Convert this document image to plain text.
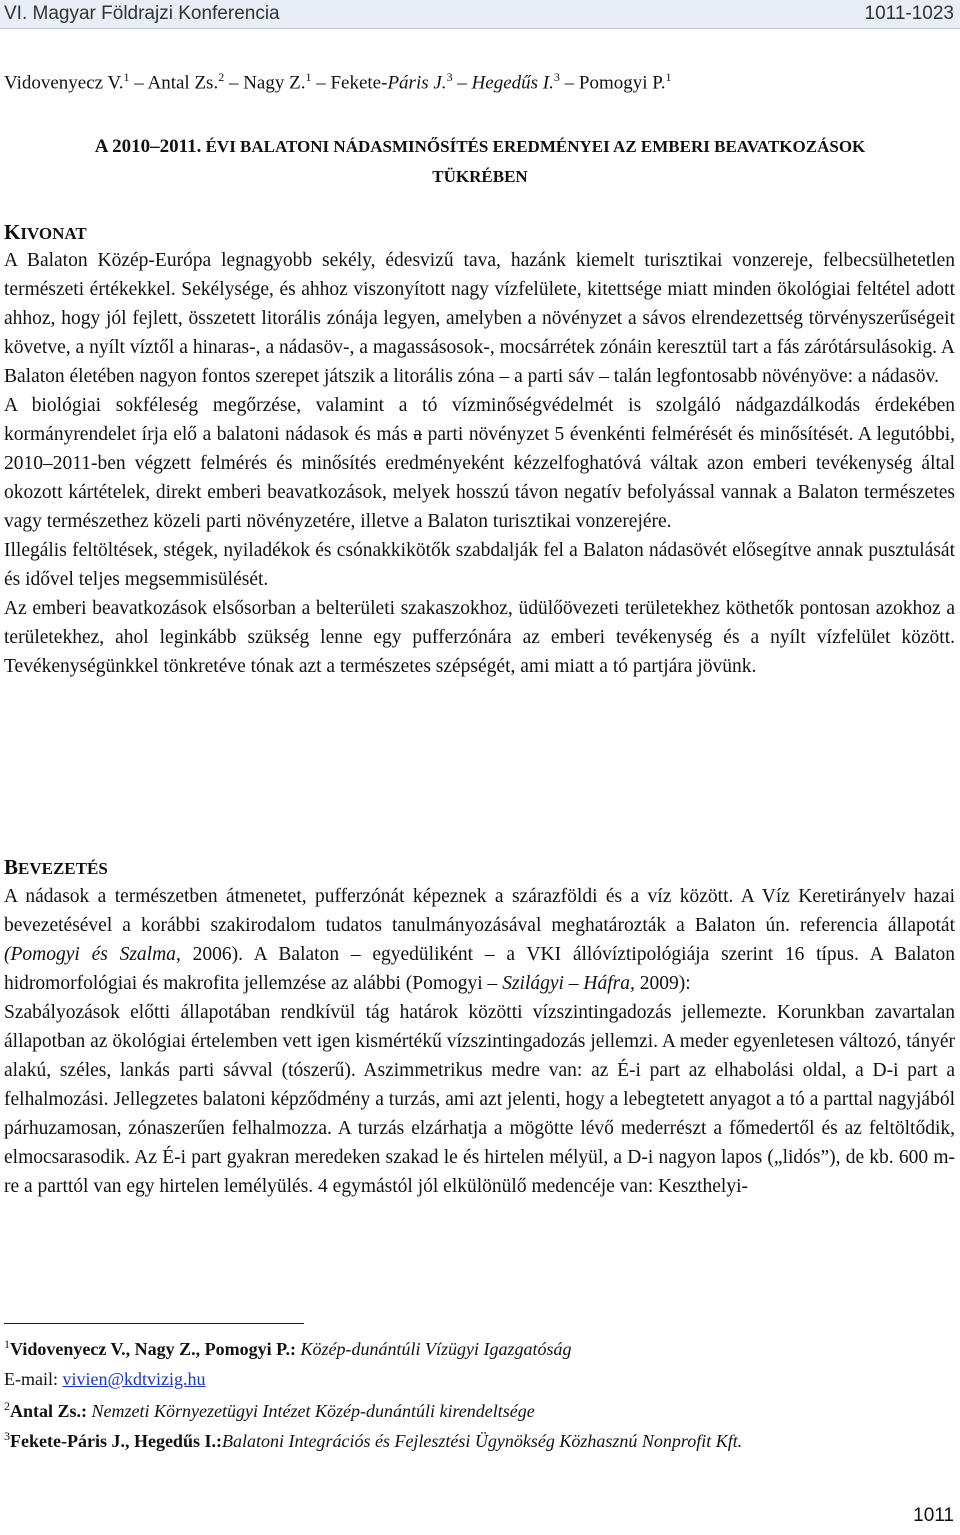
VI. Magyar Földrajzi Konferencia	1011-1023
Vidovenyecz V.$^1$ – Antal Zs.$^2$ – Nagy Z.$^1$ – Fekete-Páris J.$^3$ – Hegedűs I.$^3$ – Pomogyi P.$^1$
A 2010–2011. ÉVI BALATONI NÁDASMINŐSÍTÉS EREDMÉNYEI AZ EMBERI BEAVATKOZÁSOK
TÜKRÉBEN
KIVONAT

A Balaton Közép-Európa legnagyobb sekély, édesvizű tava, hazánk kiemelt turisztikai vonzereje, felbecsülhetetlen természeti értékekkel. Sekélysége, és ahhoz viszonyított nagy vízfelülete, kitettsége miatt minden ökológiai feltétel adott ahhoz, hogy jól fejlett, összetett litorális zónája legyen, amelyben a növényzet a sávos elrendezettség törvényszerűségeit követve, a nyílt víztől a hinaras-, a nádasöv-, a magassásosok-, mocsárrétek zónáin keresztül tart a fás zárótársulásokig. A Balaton életében nagyon fontos szerepet játszik a litorális zóna – a parti sáv – talán legfontosabb növényöve: a nádasöv.

A biológiai sokféleség megőrzése, valamint a tó vízminőségvédelmét is szolgáló nádgazdálkodás érdekében kormányrendelet írja elő a balatoni nádasok és más a parti növényzet 5 évenkénti felmérését és minősítését. A legutóbbi, 2010–2011-ben végzett felmérés és minősítés eredményeként kézzelfoghatóvá váltak azon emberi tevékenység által okozott kártételek, direkt emberi beavatkozások, melyek hosszú távon negatív befolyással vannak a Balaton természetes vagy természethez közeli parti növényzetére, illetve a Balaton turisztikai vonzerejére.

Illegális feltöltések, stégek, nyiladékok és csónakkikötők szabdalják fel a Balaton nádasövét elősegítve annak pusztulását és idővel teljes megsemmisülését.

Az emberi beavatkozások elsősorban a belterületi szakaszokhoz, üdülőövezeti területekhez köthetők pontosan azokhoz a területekhez, ahol leginkább szükség lenne egy pufferzónára az emberi tevékenység és a nyílt vízfelület között. Tevékenységünkkel tönkretéve tónak azt a természetes szépségét, ami miatt a tó partjára jövünk.

BEVEZETÉS

A nádasok a természetben átmenetet, pufferzónát képeznek a szárazföldi és a víz között. A Víz Keretirányelv hazai bevezetésével a korábbi szakirodalom tudatos tanulmányozásával meghatározták a Balaton ún. referencia állapotát (Pomogyi és Szalma, 2006). A Balaton – egyedüliként – a VKI állóvíztipológiája szerint 16 típus. A Balaton hidromorfológiai és makrofita jellemzése az alábbi (Pomogyi – Szilágyi – Háfra, 2009):

Szabályozások előtti állapotában rendkívül tág határok közötti vízszintingadozás jellemezte. Korunkban zavartalan állapotban az ökológiai értelemben vett igen kismértékű vízszintingadozás jellemzi. A meder egyenletesen változó, tányér alakú, széles, lankás parti sávval (tószerű). Aszimmetrikus medre van: az É-i part az elhabolási oldal, a D-i part a felhalmozási. Jellegzetes balatoni képződmény a turzás, ami azt jelenti, hogy a lebegtetett anyagot a tó a parttal nagyjából párhuzamosan, zónaszerűen felhalmozza. A turzás elzárhatja a mögötte lévő mederrészt a főmedertől és az feltöltődik, elmocsarasodik. Az É-i part gyakran meredeken szakad le és hirtelen mélyül, a D-i nagyon lapos („lidós”), de kb. 600 m-re a parttól van egy hirtelen lemélyülés. 4 egymástól jól elkülönülő medencéje van: Keszthelyi-

$^1$Vidovenyecz V., Nagy Z., Pomogyi P.: Közép-dunántúli Vízügyi Igazgatóság
E-mail: vivien@kdtvizig.hu
$^2$Antal Zs.: Nemzeti Környezetügyi Intézet Közép-dunántúli kirendeltsége
$^3$Fekete-Páris J., Hegedűs I.:Balatoni Integrációs és Fejlesztési Ügynökség Közhasznú Nonprofit Kft.
1011
